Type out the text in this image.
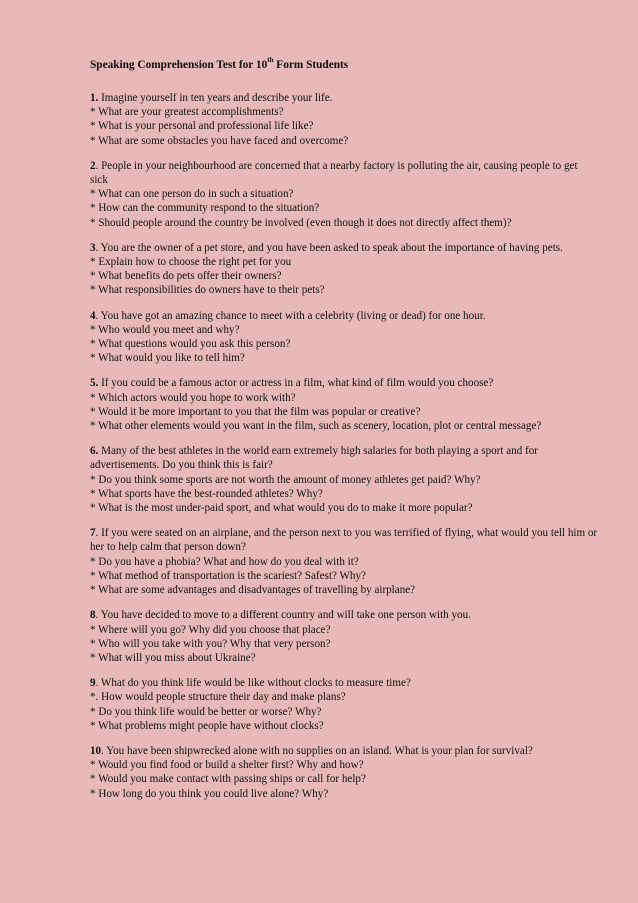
Speaking Comprehension Test for 10th Form Students

1. Imagine yourself in ten years and describe your life.

* What are your greatest accomplishments?

* What is your personal and professional life like?

* What are some obstacles you have faced and overcome?

2. People in your neighbourhood are concerned that a nearby factory is polluting the air, causing people to get sick

* What can one person do in such a situation?

* How can the community respond to the situation?

* Should people around the country be involved (even though it does not directly affect them)?

3. You are the owner of a pet store, and you have been asked to speak about the importance of having pets.

* Explain how to choose the right pet for you

* What benefits do pets offer their owners?

* What responsibilities do owners have to their pets?

4. You have got an amazing chance to meet with a celebrity (living or dead) for one hour.

* Who would you meet and why?

* What questions would you ask this person?

* What would you like to tell him?

5. If you could be a famous actor or actress in a film, what kind of film would you choose?

* Which actors would you hope to work with?

* Would it be more important to you that the film was popular or creative?

* What other elements would you want in the film, such as scenery, location, plot or central message?

6. Many of the best athletes in the world earn extremely high salaries for both playing a sport and for advertisements. Do you think this is fair?

* Do you think some sports are not worth the amount of money athletes get paid? Why?

* What sports have the best-rounded athletes? Why?

* What is the most under-paid sport, and what would you do to make it more popular?

7. If you were seated on an airplane, and the person next to you was terrified of flying, what would you tell him or her to help calm that person down?

* Do you have a phobia? What and how do you deal with it?

* What method of transportation is the scariest? Safest? Why?

* What are some advantages and disadvantages of travelling by airplane?

8. You have decided to move to a different country and will take one person with you.

* Where will you go? Why did you choose that place?

* Who will you take with you? Why that very person?

* What will you miss about Ukraine?

9. What do you think life would be like without clocks to measure time?

*. How would people structure their day and make plans?

* Do you think life would be better or worse? Why?

* What problems might people have without clocks?

10. You have been shipwrecked alone with no supplies on an island. What is your plan for survival?

* Would you find food or build a shelter first? Why and how?

* Would you make contact with passing ships or call for help?

* How long do you think you could live alone? Why?
